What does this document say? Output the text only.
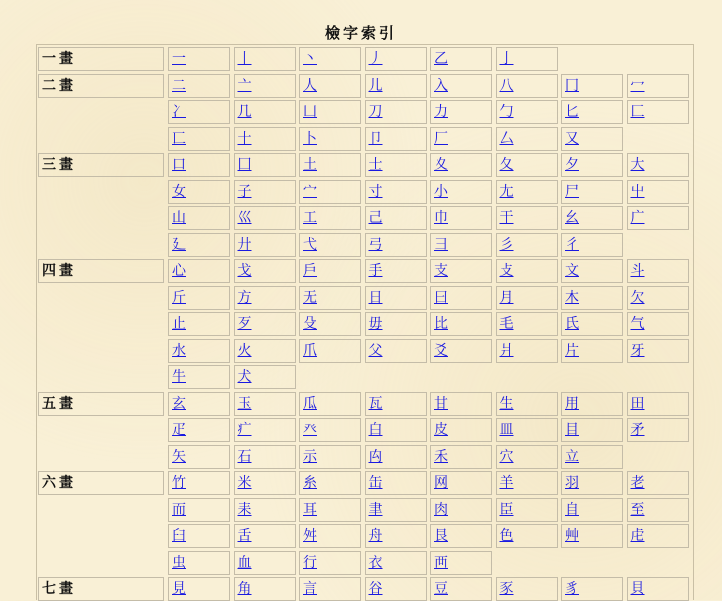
檢字索引
一畫	一	丨	丶	丿	乙	亅
二畫	二	亠	人	儿	入	八	冂	冖
冫	几	凵	刀	力	勹	匕	匚
匸	十	卜	卩	厂	厶	又
三畫	口	囗	土	士	夊	夂	夕	大
女	子	宀	寸	小	尢	尸	屮
山	巛	工	己	巾	干	幺	广
廴	廾	弋	弓	彐	彡	彳
四畫	心	戈	戶	手	支	攴	文	斗
斤	方	无	日	曰	月	木	欠
止	歹	殳	毋	比	毛	氏	气
水	火	爪	父	爻	爿	片	牙
牛	犬
五畫	玄	玉	瓜	瓦	甘	生	用	田
疋	疒	癶	白	皮	皿	目	矛
矢	石	示	禸	禾	穴	立
六畫	竹	米	糸	缶	网	羊	羽	老
而	耒	耳	聿	肉	臣	自	至
臼	舌	舛	舟	艮	色	艸	虍
虫	血	行	衣	襾
七畫	見	角	言	谷	豆	豕	豸	貝
